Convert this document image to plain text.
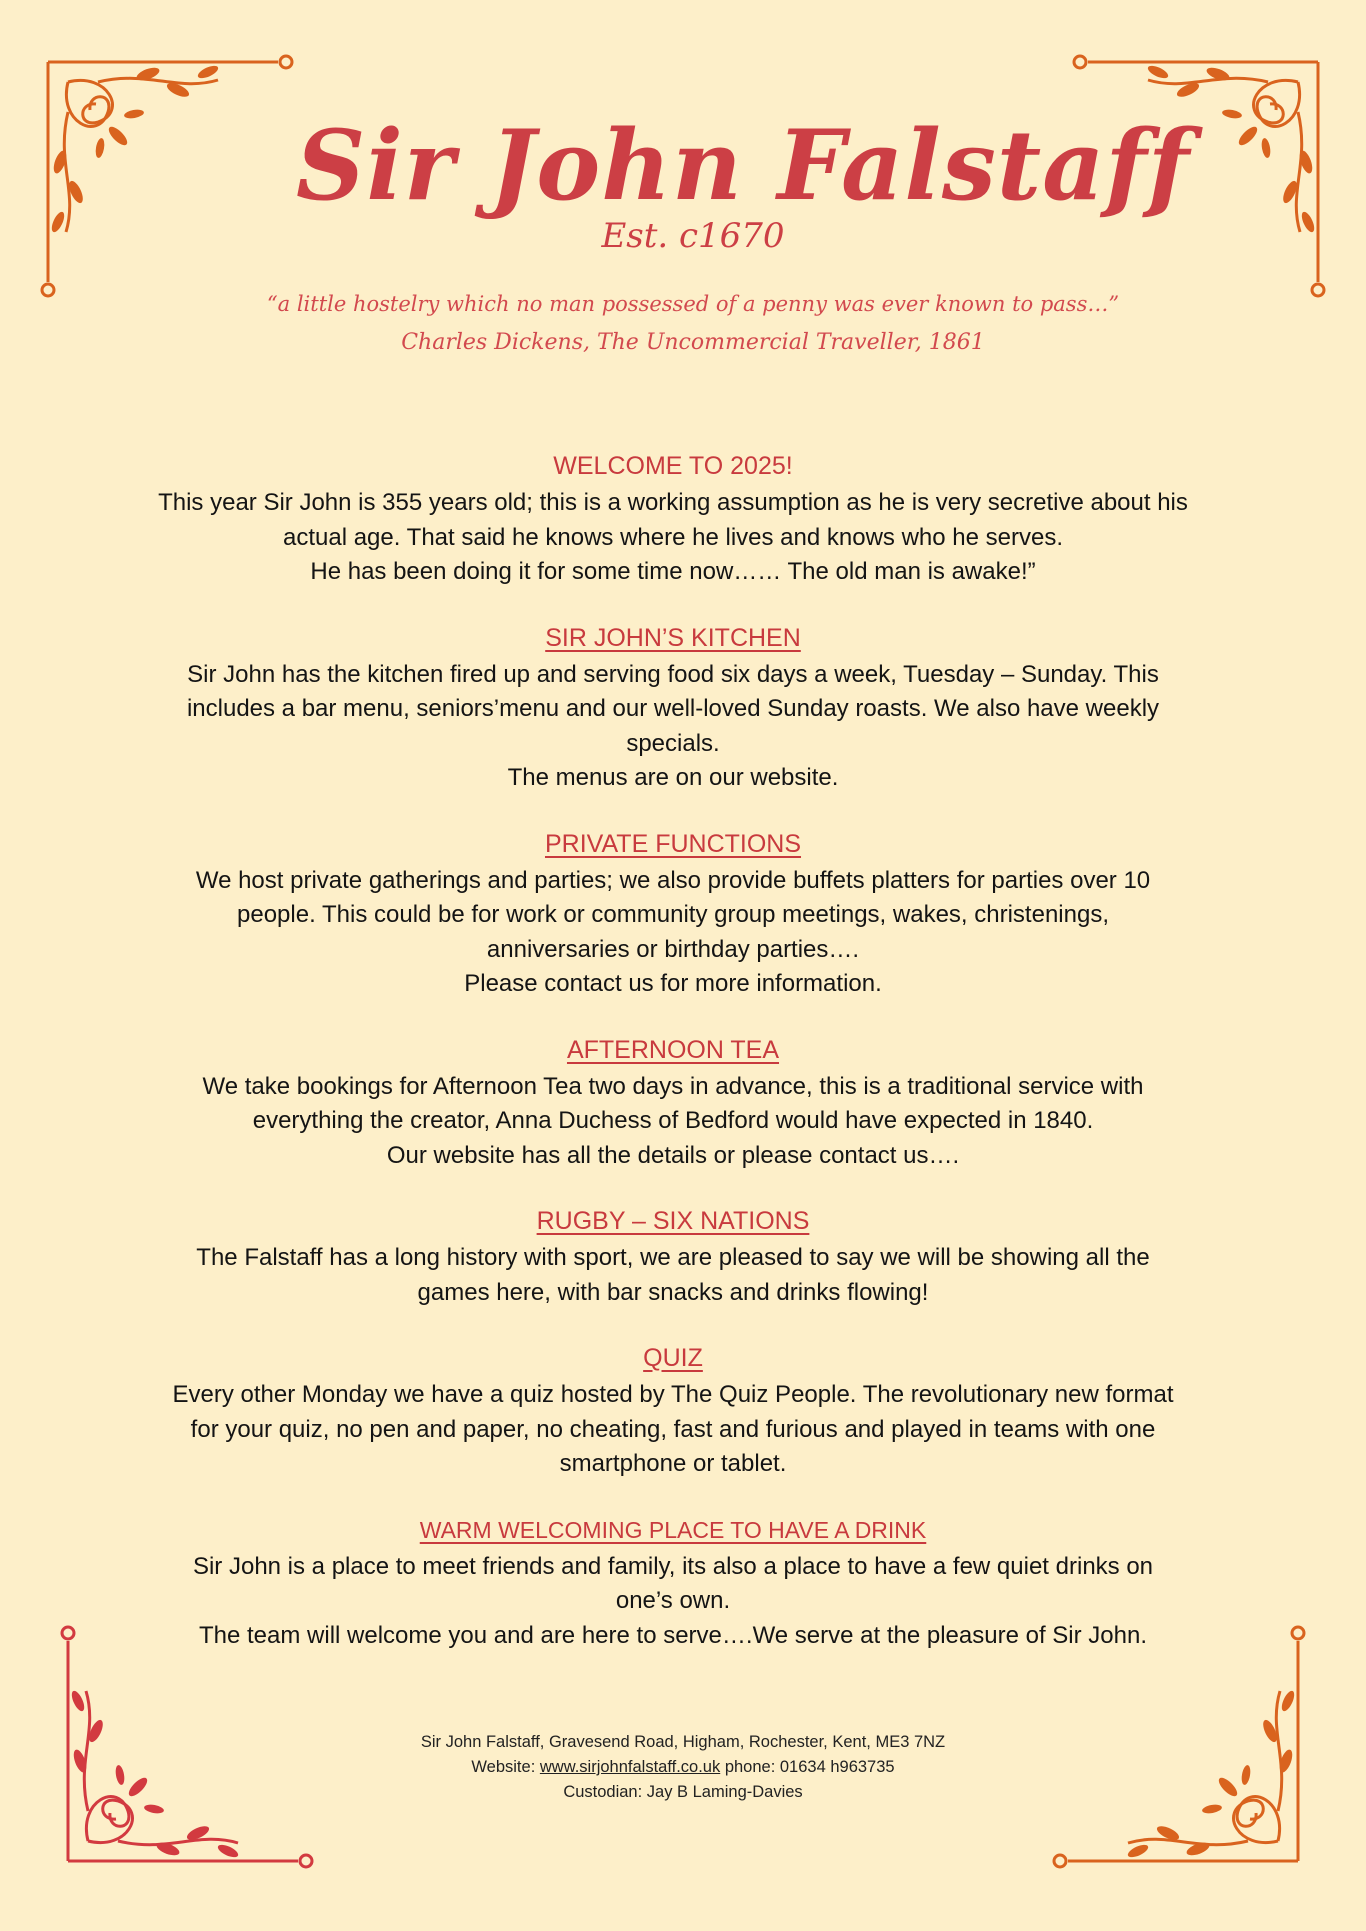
Sir John Falstaff
Est. c1670
“a little hostelry which no man possessed of a penny was ever known to pass…”
Charles Dickens, The Uncommercial Traveller, 1861
WELCOME TO 2025!

This year Sir John is 355 years old; this is a working assumption as he is very secretive about his
actual age. That said he knows where he lives and knows who he serves.
He has been doing it for some time now…… The old man is awake!”

SIR JOHN’S KITCHEN

Sir John has the kitchen fired up and serving food six days a week, Tuesday – Sunday. This
includes a bar menu, seniors’menu and our well-loved Sunday roasts. We also have weekly
specials.
The menus are on our website.

PRIVATE FUNCTIONS

We host private gatherings and parties; we also provide buffets platters for parties over 10
people. This could be for work or community group meetings, wakes, christenings,
anniversaries or birthday parties….
Please contact us for more information.

AFTERNOON TEA

We take bookings for Afternoon Tea two days in advance, this is a traditional service with
everything the creator, Anna Duchess of Bedford would have expected in 1840.
Our website has all the details or please contact us….

RUGBY – SIX NATIONS

The Falstaff has a long history with sport, we are pleased to say we will be showing all the
games here, with bar snacks and drinks flowing!

QUIZ

Every other Monday we have a quiz hosted by The Quiz People. The revolutionary new format
for your quiz, no pen and paper, no cheating, fast and furious and played in teams with one
smartphone or tablet.

WARM WELCOMING PLACE TO HAVE A DRINK

Sir John is a place to meet friends and family, its also a place to have a few quiet drinks on
one’s own.
The team will welcome you and are here to serve….We serve at the pleasure of Sir John.

Sir John Falstaff, Gravesend Road, Higham, Rochester, Kent, ME3 7NZ
Website: www.sirjohnfalstaff.co.uk phone: 01634 h963735
Custodian: Jay B Laming-Davies
